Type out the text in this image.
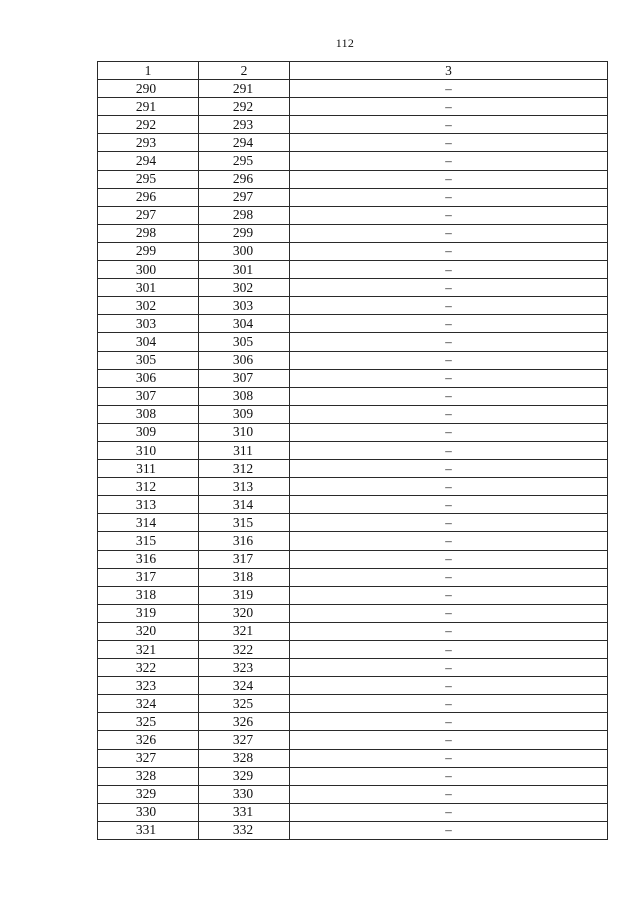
112
1	2	3
290	291	–
291	292	–
292	293	–
293	294	–
294	295	–
295	296	–
296	297	–
297	298	–
298	299	–
299	300	–
300	301	–
301	302	–
302	303	–
303	304	–
304	305	–
305	306	–
306	307	–
307	308	–
308	309	–
309	310	–
310	311	–
311	312	–
312	313	–
313	314	–
314	315	–
315	316	–
316	317	–
317	318	–
318	319	–
319	320	–
320	321	–
321	322	–
322	323	–
323	324	–
324	325	–
325	326	–
326	327	–
327	328	–
328	329	–
329	330	–
330	331	–
331	332	–
